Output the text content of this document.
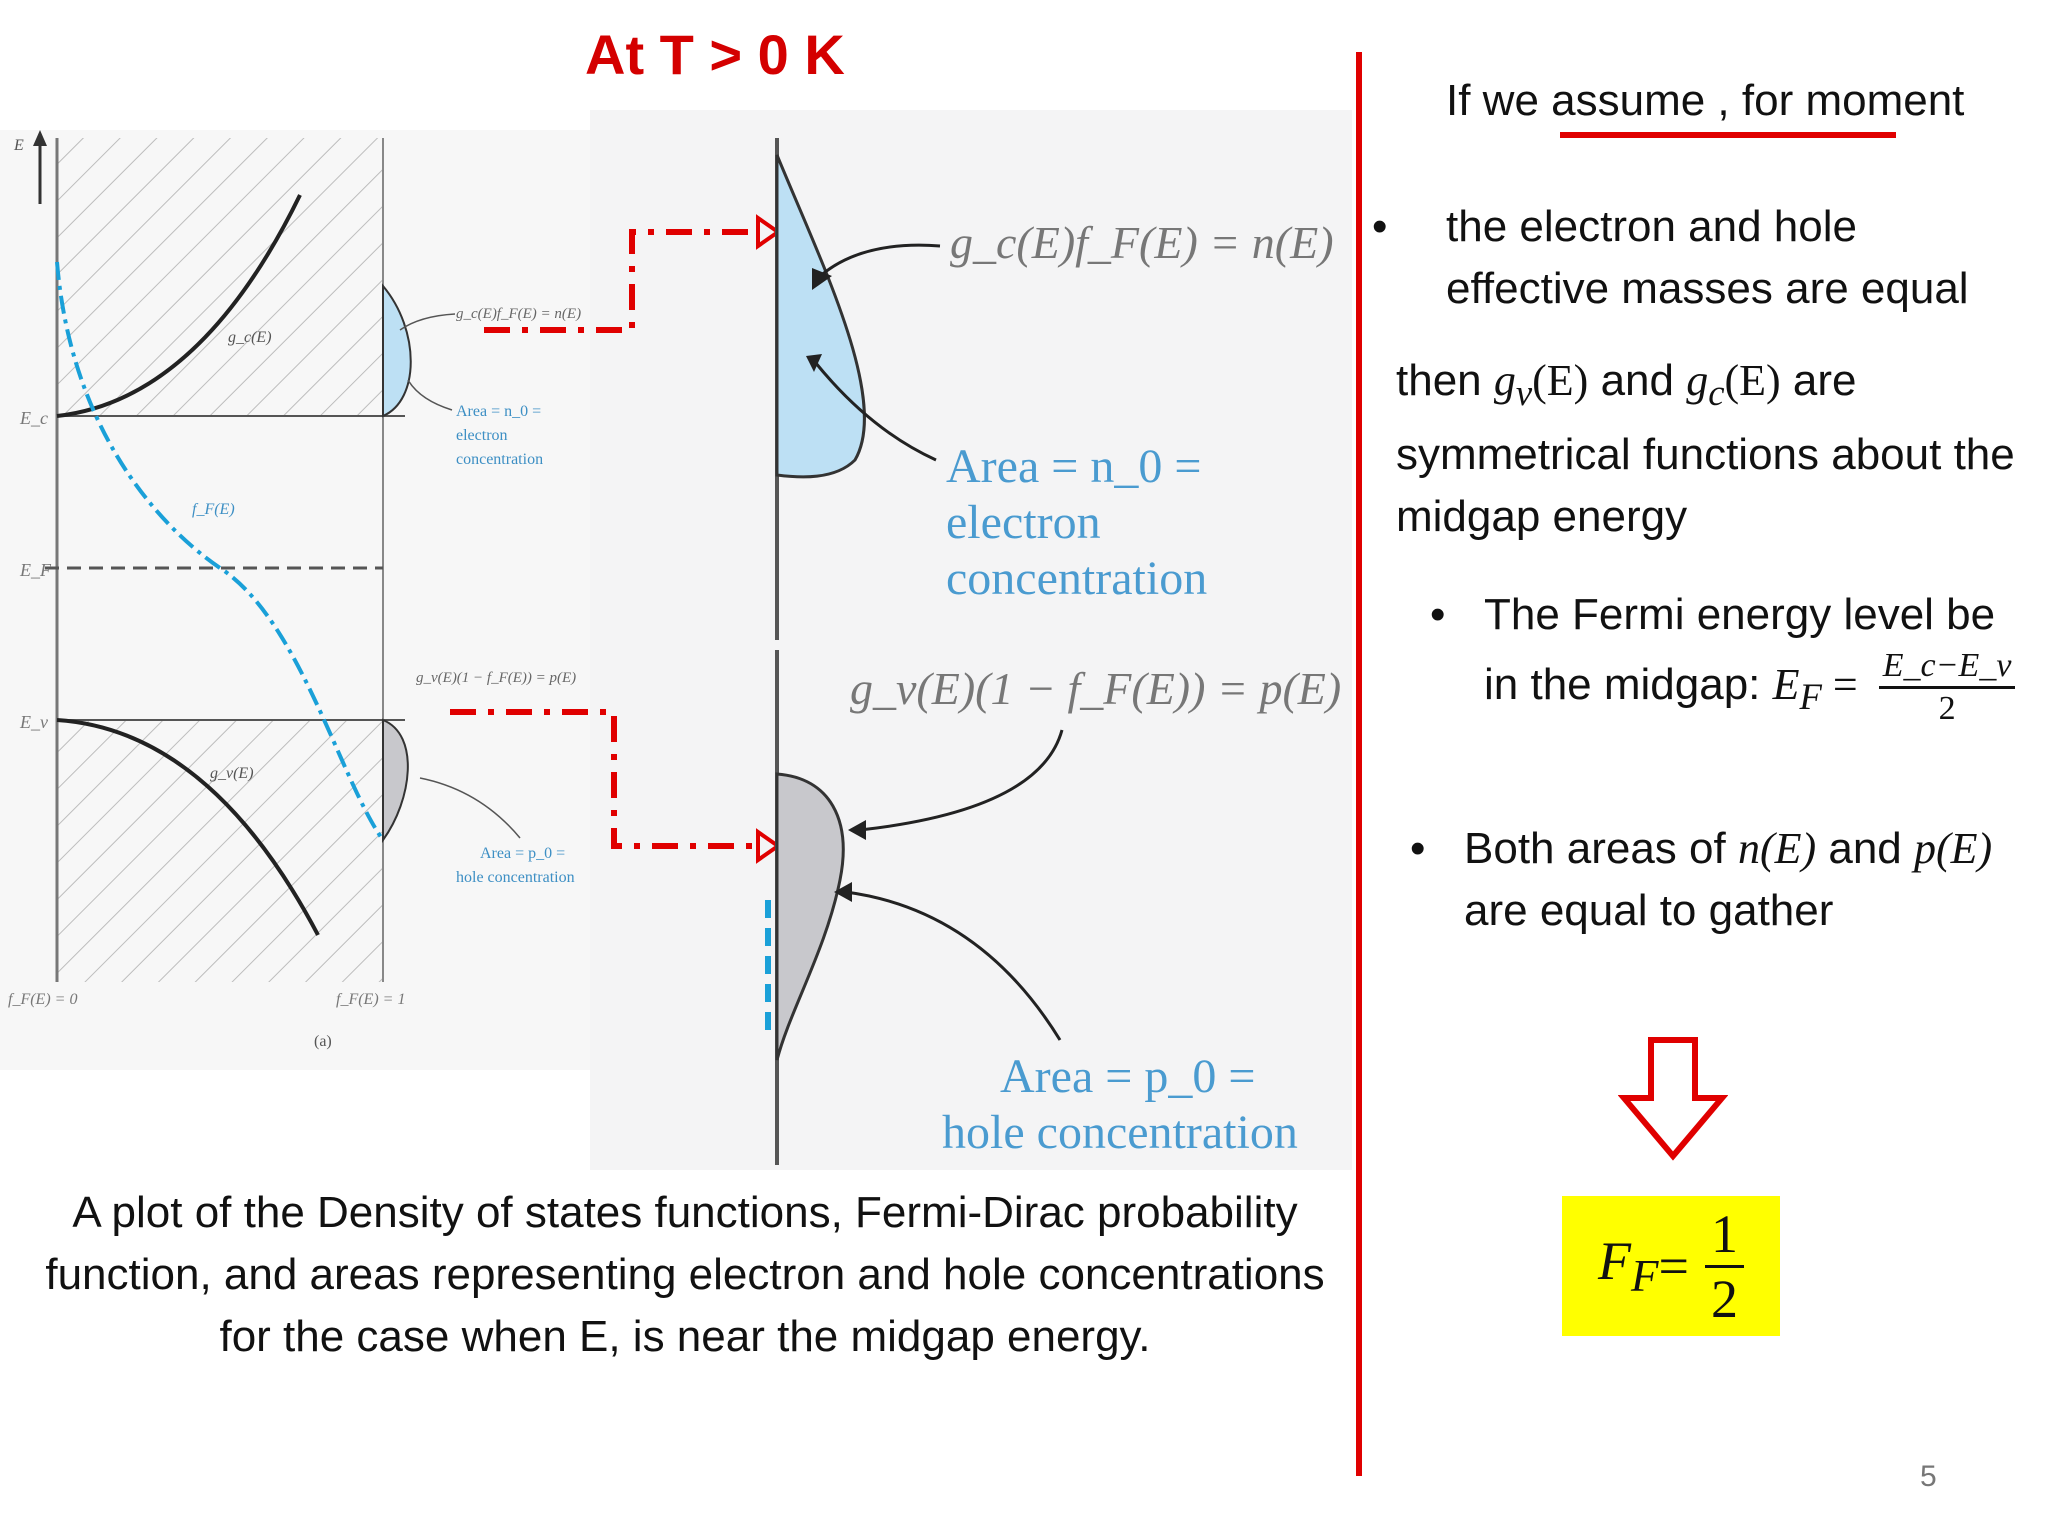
At T > 0 K
E
E_c
E_F
E_v
g_c(E)
g_v(E)
f_F(E)
g_c(E)f_F(E) = n(E)
Area = n_0 =
electron
concentration
g_v(E)(1 − f_F(E)) = p(E)
Area = p_0 =
hole concentration
f_F(E) = 0	f_F(E) = 1
(a)
g_c(E)f_F(E) = n(E)
Area = n_0 =
electron
concentration
g_v(E)(1 − f_F(E)) = p(E)
Area = p_0 =
hole concentration
If we assume , for moment
•	the electron and hole effective masses are equal
then $g_v(E)$ and $g_c(E)$ are symmetrical functions about the midgap energy
• The Fermi energy level be in the midgap: $E_F = \frac{E\_c-E\_v}{2}$
• Both areas of n(E) and p(E) are equal to gather
$F_F = \frac{1}{2}$
A plot of the Density of states functions, Fermi-Dirac probability function, and areas representing electron and hole concentrations for the case when E, is near the midgap energy.
5
